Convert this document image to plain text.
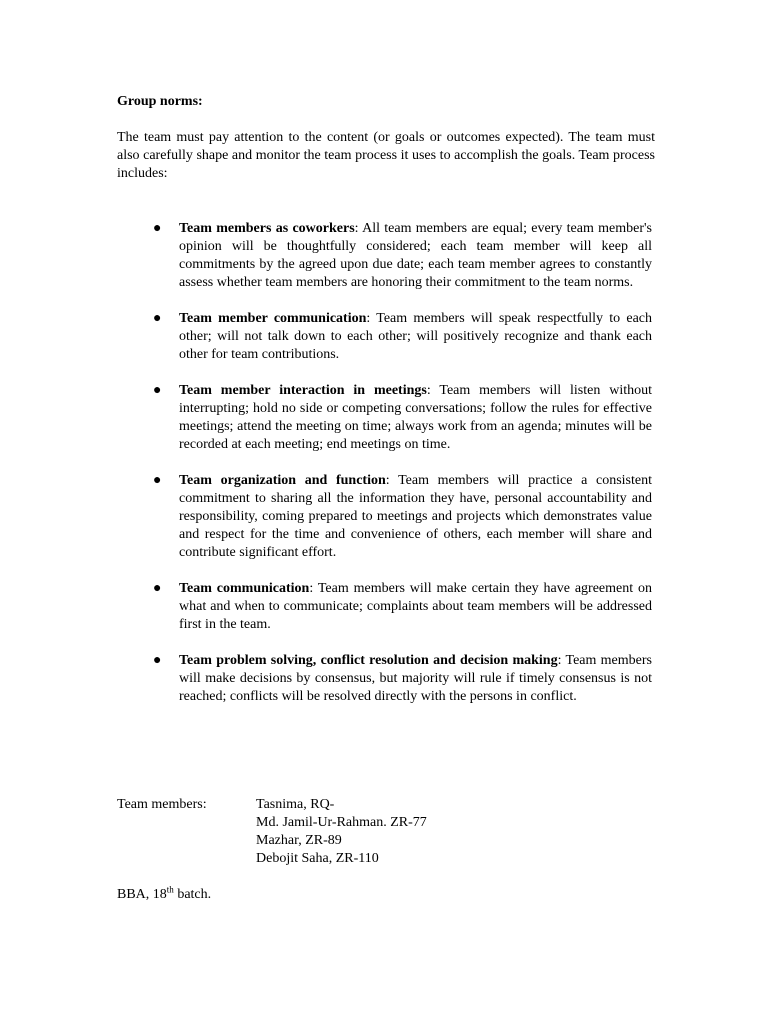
Group norms:
The team must pay attention to the content (or goals or outcomes expected). The team must also carefully shape and monitor the team process it uses to accomplish the goals. Team process includes:
● Team members as coworkers: All team members are equal; every team member's opinion will be thoughtfully considered; each team member will keep all commitments by the agreed upon due date; each team member agrees to constantly assess whether team members are honoring their commitment to the team norms.
● Team member communication: Team members will speak respectfully to each other; will not talk down to each other; will positively recognize and thank each other for team contributions.
● Team member interaction in meetings: Team members will listen without interrupting; hold no side or competing conversations; follow the rules for effective meetings; attend the meeting on time; always work from an agenda; minutes will be recorded at each meeting; end meetings on time.
● Team organization and function: Team members will practice a consistent commitment to sharing all the information they have, personal accountability and responsibility, coming prepared to meetings and projects which demonstrates value and respect for the time and convenience of others, each member will share and contribute significant effort.
● Team communication: Team members will make certain they have agreement on what and when to communicate; complaints about team members will be addressed first in the team.
● Team problem solving, conflict resolution and decision making: Team members will make decisions by consensus, but majority will rule if timely consensus is not reached; conflicts will be resolved directly with the persons in conflict.
Team members:	Tasnima, RQ-
Md. Jamil-Ur-Rahman. ZR-77
Mazhar, ZR-89
Debojit Saha, ZR-110
BBA, 18th batch.
